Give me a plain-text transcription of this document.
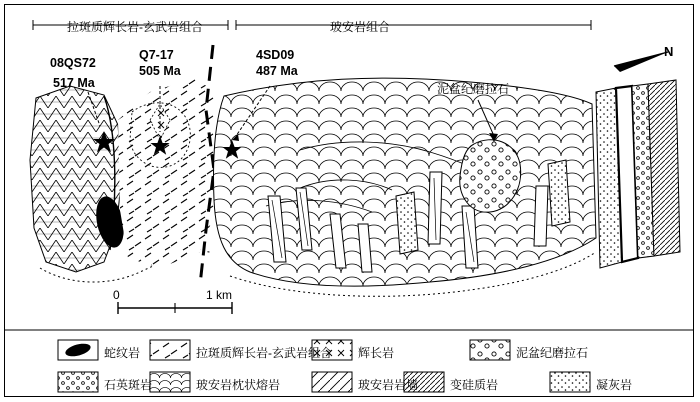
拉斑质辉长岩-玄武岩组合	玻安岩组合
08QS72
517 Ma
Q7-17
505 Ma
4SD09
487 Ma
泥盆纪磨拉石
N
0	1 km
蛇纹岩	拉斑质辉长岩-玄武岩组合 辉长岩	泥盆纪磨拉石
石英斑岩	玻安岩枕状熔岩	玻安岩岩墙	变硅质岩	凝灰岩
